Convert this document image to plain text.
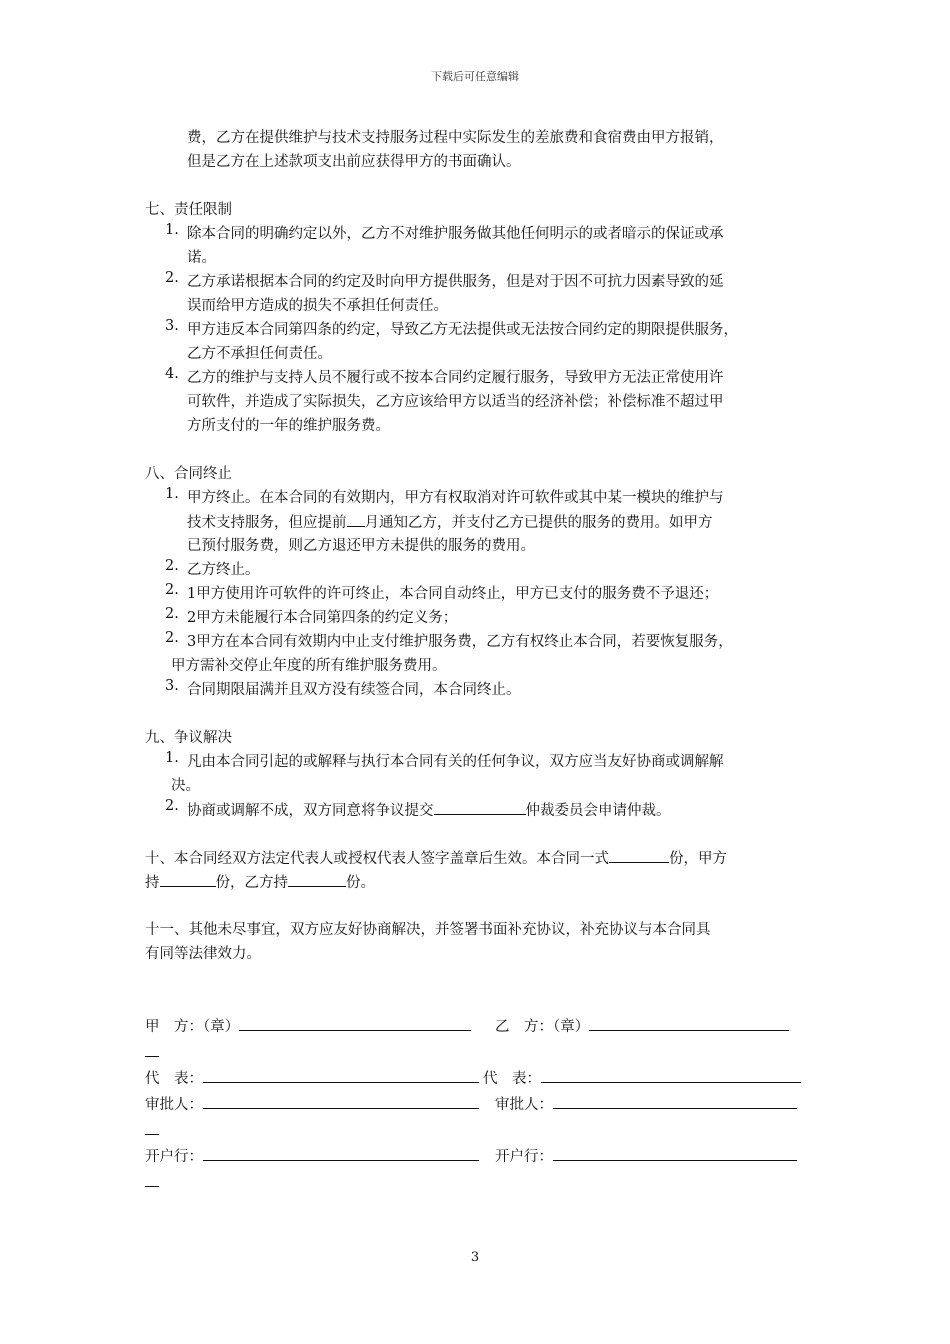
下载后可任意编辑
费，乙方在提供维护与技术支持服务过程中实际发生的差旅费和食宿费由甲方报销，
但是乙方在上述款项支出前应获得甲方的书面确认。
七、责任限制
1. 除本合同的明确约定以外，乙方不对维护服务做其他任何明示的或者暗示的保证或承
诺。
2. 乙方承诺根据本合同的约定及时向甲方提供服务，但是对于因不可抗力因素导致的延
误而给甲方造成的损失不承担任何责任。
3. 甲方违反本合同第四条的约定，导致乙方无法提供或无法按合同约定的期限提供服务，
乙方不承担任何责任。
4. 乙方的维护与支持人员不履行或不按本合同约定履行服务，导致甲方无法正常使用许
可软件，并造成了实际损失，乙方应该给甲方以适当的经济补偿；补偿标准不超过甲
方所支付的一年的维护服务费。
八、合同终止
1. 甲方终止。在本合同的有效期内，甲方有权取消对许可软件或其中某一模块的维护与
技术支持服务，但应提前 月通知乙方，并支付乙方已提供的服务的费用。如甲方
已预付服务费，则乙方退还甲方未提供的服务的费用。
2. 乙方终止。
2. 1甲方使用许可软件的许可终止，本合同自动终止，甲方已支付的服务费不予退还；
2. 2甲方未能履行本合同第四条的约定义务；
2. 3甲方在本合同有效期内中止支付维护服务费，乙方有权终止本合同，若要恢复服务，
甲方需补交停止年度的所有维护服务费用。
3. 合同期限届满并且双方没有续签合同，本合同终止。
九、争议解决
1. 凡由本合同引起的或解释与执行本合同有关的任何争议，双方应当友好协商或调解解
决。
2. 协商或调解不成，双方同意将争议提交	仲裁委员会申请仲裁。
十、本合同经双方法定代表人或授权代表人签字盖章后生效。本合同一式	份，甲方
持	份，乙方持	份。
十一、其他未尽事宜，双方应友好协商解决，并签署书面补充协议，补充协议与本合同具
有同等法律效力。
甲　方：（章）	乙　方：（章）
代　表：	代　表：
审批人：	审批人：
开户行：	开户行：
3
